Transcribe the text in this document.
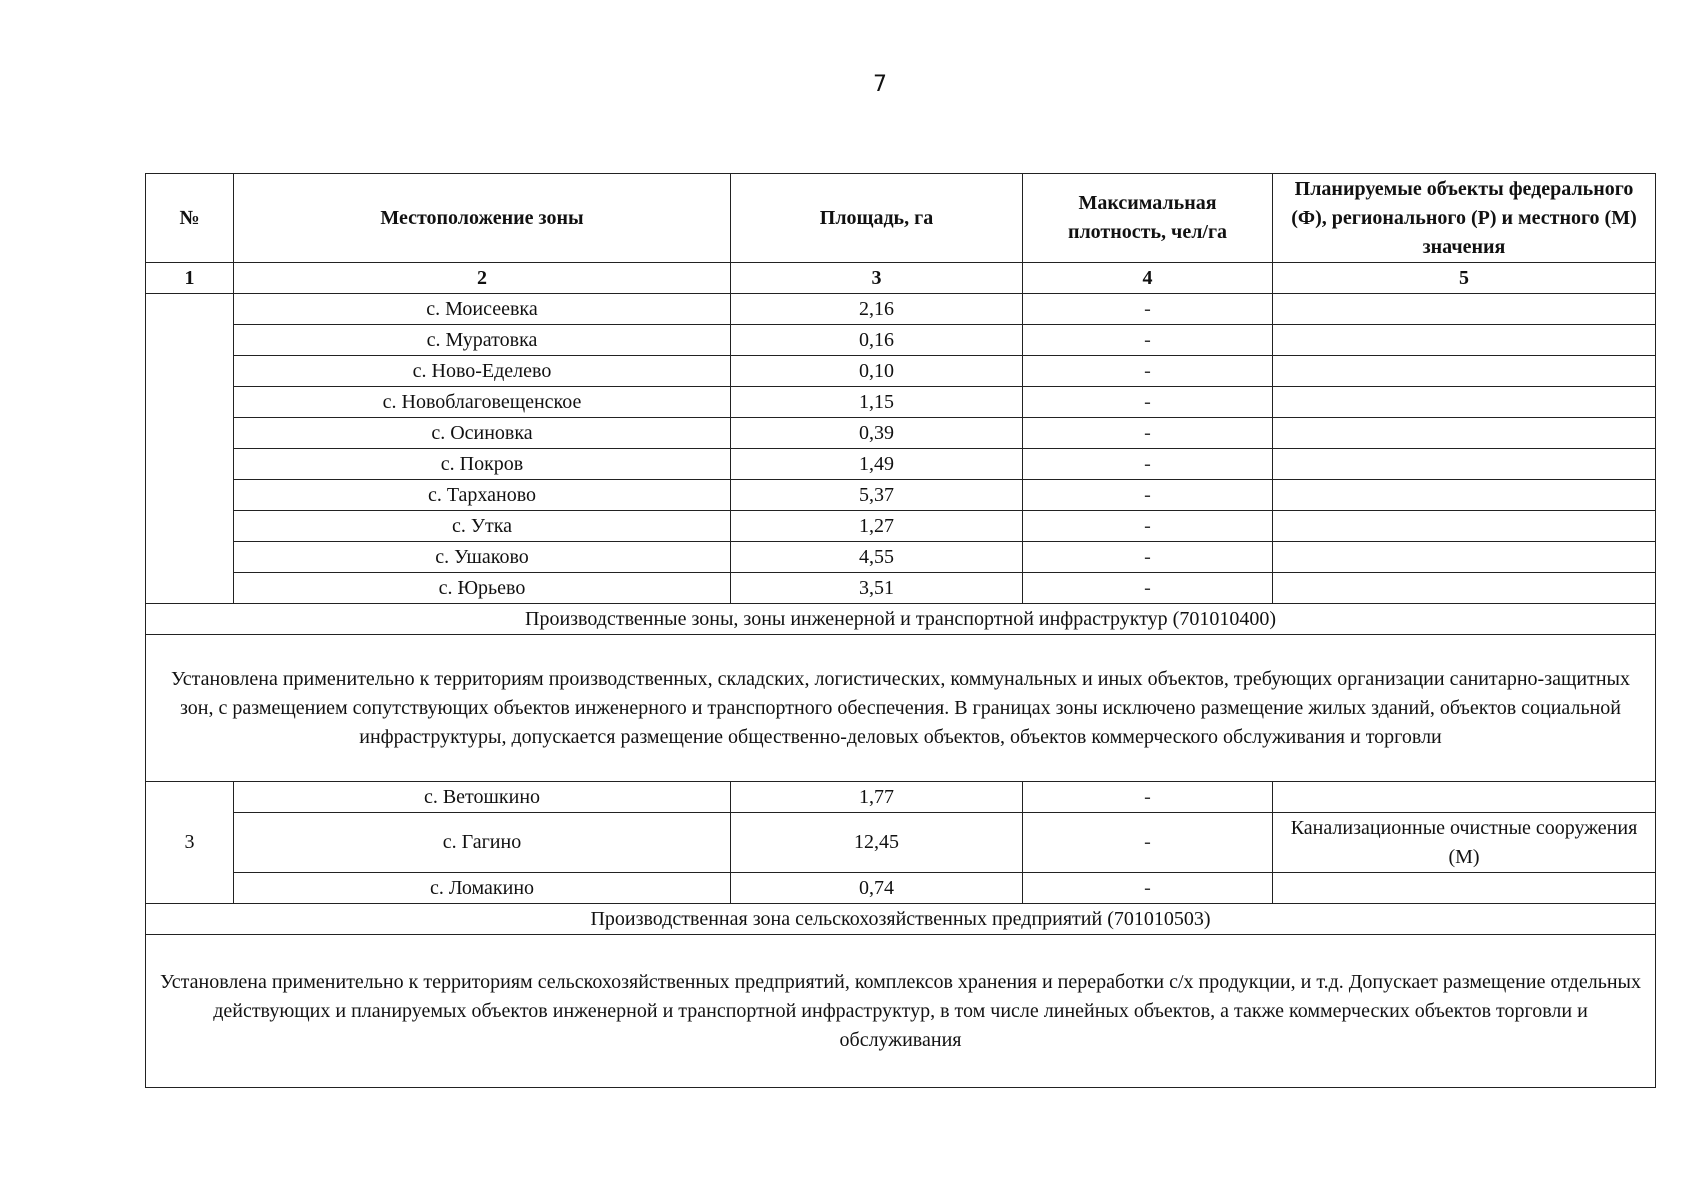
7
№	Местоположение зоны	Площадь, га	Максимальная плотность, чел/га	Планируемые объекты федерального (Ф), регионального (Р) и местного (М) значения
1	2	3	4	5
	с. Моисеевка	2,16	-	
	с. Муратовка	0,16	-	
	с. Ново-Еделево	0,10	-	
	с. Новоблаговещенское	1,15	-	
	с. Осиновка	0,39	-	
	с. Покров	1,49	-	
	с. Тарханово	5,37	-	
	с. Утка	1,27	-	
	с. Ушаково	4,55	-	
	с. Юрьево	3,51	-	
Производственные зоны, зоны инженерной и транспортной инфраструктур (701010400)				
Установлена применительно к территориям производственных, складских, логистических, коммунальных и иных объектов, требующих организации санитарно-защитных зон, с размещением сопутствующих объектов инженерного и транспортного обеспечения. В границах зоны исключено размещение жилых зданий, объектов социальной инфраструктуры, допускается размещение общественно-деловых объектов, объектов коммерческого обслуживания и торговли				
3	с. Ветошкино	1,77	-	
	с. Гагино	12,45	-	Канализационные очистные сооружения (М)
	с. Ломакино	0,74	-	
Производственная зона сельскохозяйственных предприятий (701010503)				
Установлена применительно к территориям сельскохозяйственных предприятий, комплексов хранения и переработки с/х продукции, и т.д. Допускает размещение отдельных действующих и планируемых объектов инженерной и транспортной инфраструктур, в том числе линейных объектов, а также коммерческих объектов торговли и обслуживания				
